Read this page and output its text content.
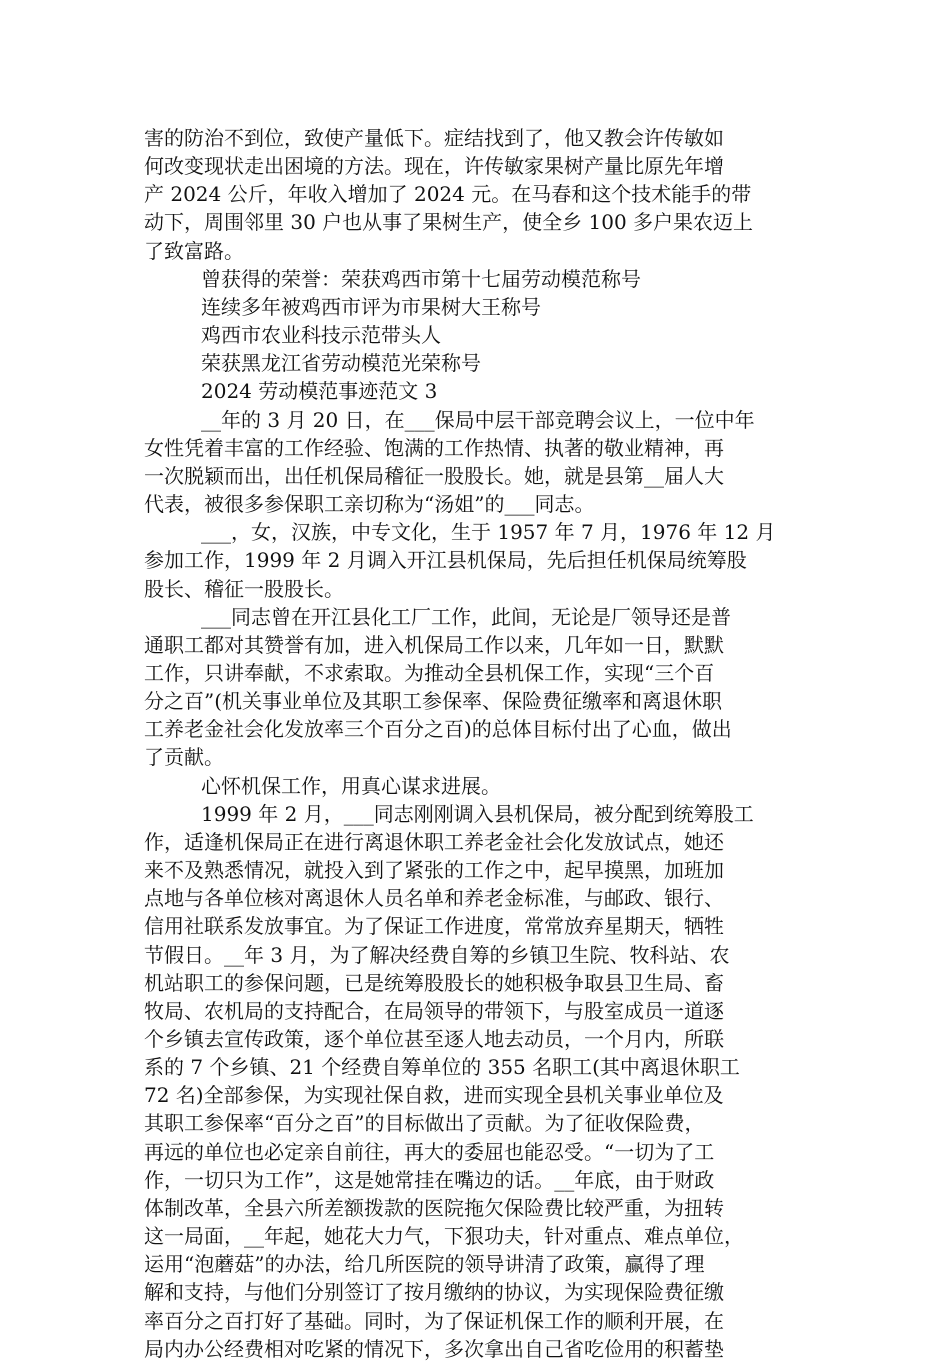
害的防治不到位，致使产量低下。症结找到了，他又教会许传敏如
何改变现状走出困境的方法。现在，许传敏家果树产量比原先年增
产 2024 公斤，年收入增加了 2024 元。在马春和这个技术能手的带
动下，周围邻里 30 户也从事了果树生产，使全乡 100 多户果农迈上
了致富路。

曾获得的荣誉：荣获鸡西市第十七届劳动模范称号

连续多年被鸡西市评为市果树大王称号

鸡西市农业科技示范带头人

荣获黑龙江省劳动模范光荣称号

2024 劳动模范事迹范文 3

__年的 3 月 20 日，在___保局中层干部竞聘会议上，一位中年
女性凭着丰富的工作经验、饱满的工作热情、执著的敬业精神，再
一次脱颖而出，出任机保局稽征一股股长。她，就是县第__届人大
代表，被很多参保职工亲切称为“汤姐”的___同志。

___，女，汉族，中专文化，生于 1957 年 7 月，1976 年 12 月
参加工作，1999 年 2 月调入开江县机保局，先后担任机保局统筹股
股长、稽征一股股长。

___同志曾在开江县化工厂工作，此间，无论是厂领导还是普
通职工都对其赞誉有加，进入机保局工作以来，几年如一日，默默
工作，只讲奉献，不求索取。为推动全县机保工作，实现“三个百
分之百”(机关事业单位及其职工参保率、保险费征缴率和离退休职
工养老金社会化发放率三个百分之百)的总体目标付出了心血，做出
了贡献。

心怀机保工作，用真心谋求进展。

1999 年 2 月，___同志刚刚调入县机保局，被分配到统筹股工
作，适逢机保局正在进行离退休职工养老金社会化发放试点，她还
来不及熟悉情况，就投入到了紧张的工作之中，起早摸黑，加班加
点地与各单位核对离退休人员名单和养老金标准，与邮政、银行、
信用社联系发放事宜。为了保证工作进度，常常放弃星期天，牺牲
节假日。__年 3 月，为了解决经费自筹的乡镇卫生院、牧科站、农
机站职工的参保问题，已是统筹股股长的她积极争取县卫生局、畜
牧局、农机局的支持配合，在局领导的带领下，与股室成员一道逐
个乡镇去宣传政策，逐个单位甚至逐人地去动员，一个月内，所联
系的 7 个乡镇、21 个经费自筹单位的 355 名职工(其中离退休职工
72 名)全部参保，为实现社保自救，进而实现全县机关事业单位及
其职工参保率“百分之百”的目标做出了贡献。为了征收保险费，
再远的单位也必定亲自前往，再大的委屈也能忍受。“一切为了工
作，一切只为工作”，这是她常挂在嘴边的话。__年底，由于财政
体制改革，全县六所差额拨款的医院拖欠保险费比较严重，为扭转
这一局面，__年起，她花大力气，下狠功夫，针对重点、难点单位，
运用“泡蘑菇”的办法，给几所医院的领导讲清了政策，赢得了理
解和支持，与他们分别签订了按月缴纳的协议，为实现保险费征缴
率百分之百打好了基础。同时，为了保证机保工作的顺利开展，在
局内办公经费相对吃紧的情况下，多次拿出自己省吃俭用的积蓄垫
